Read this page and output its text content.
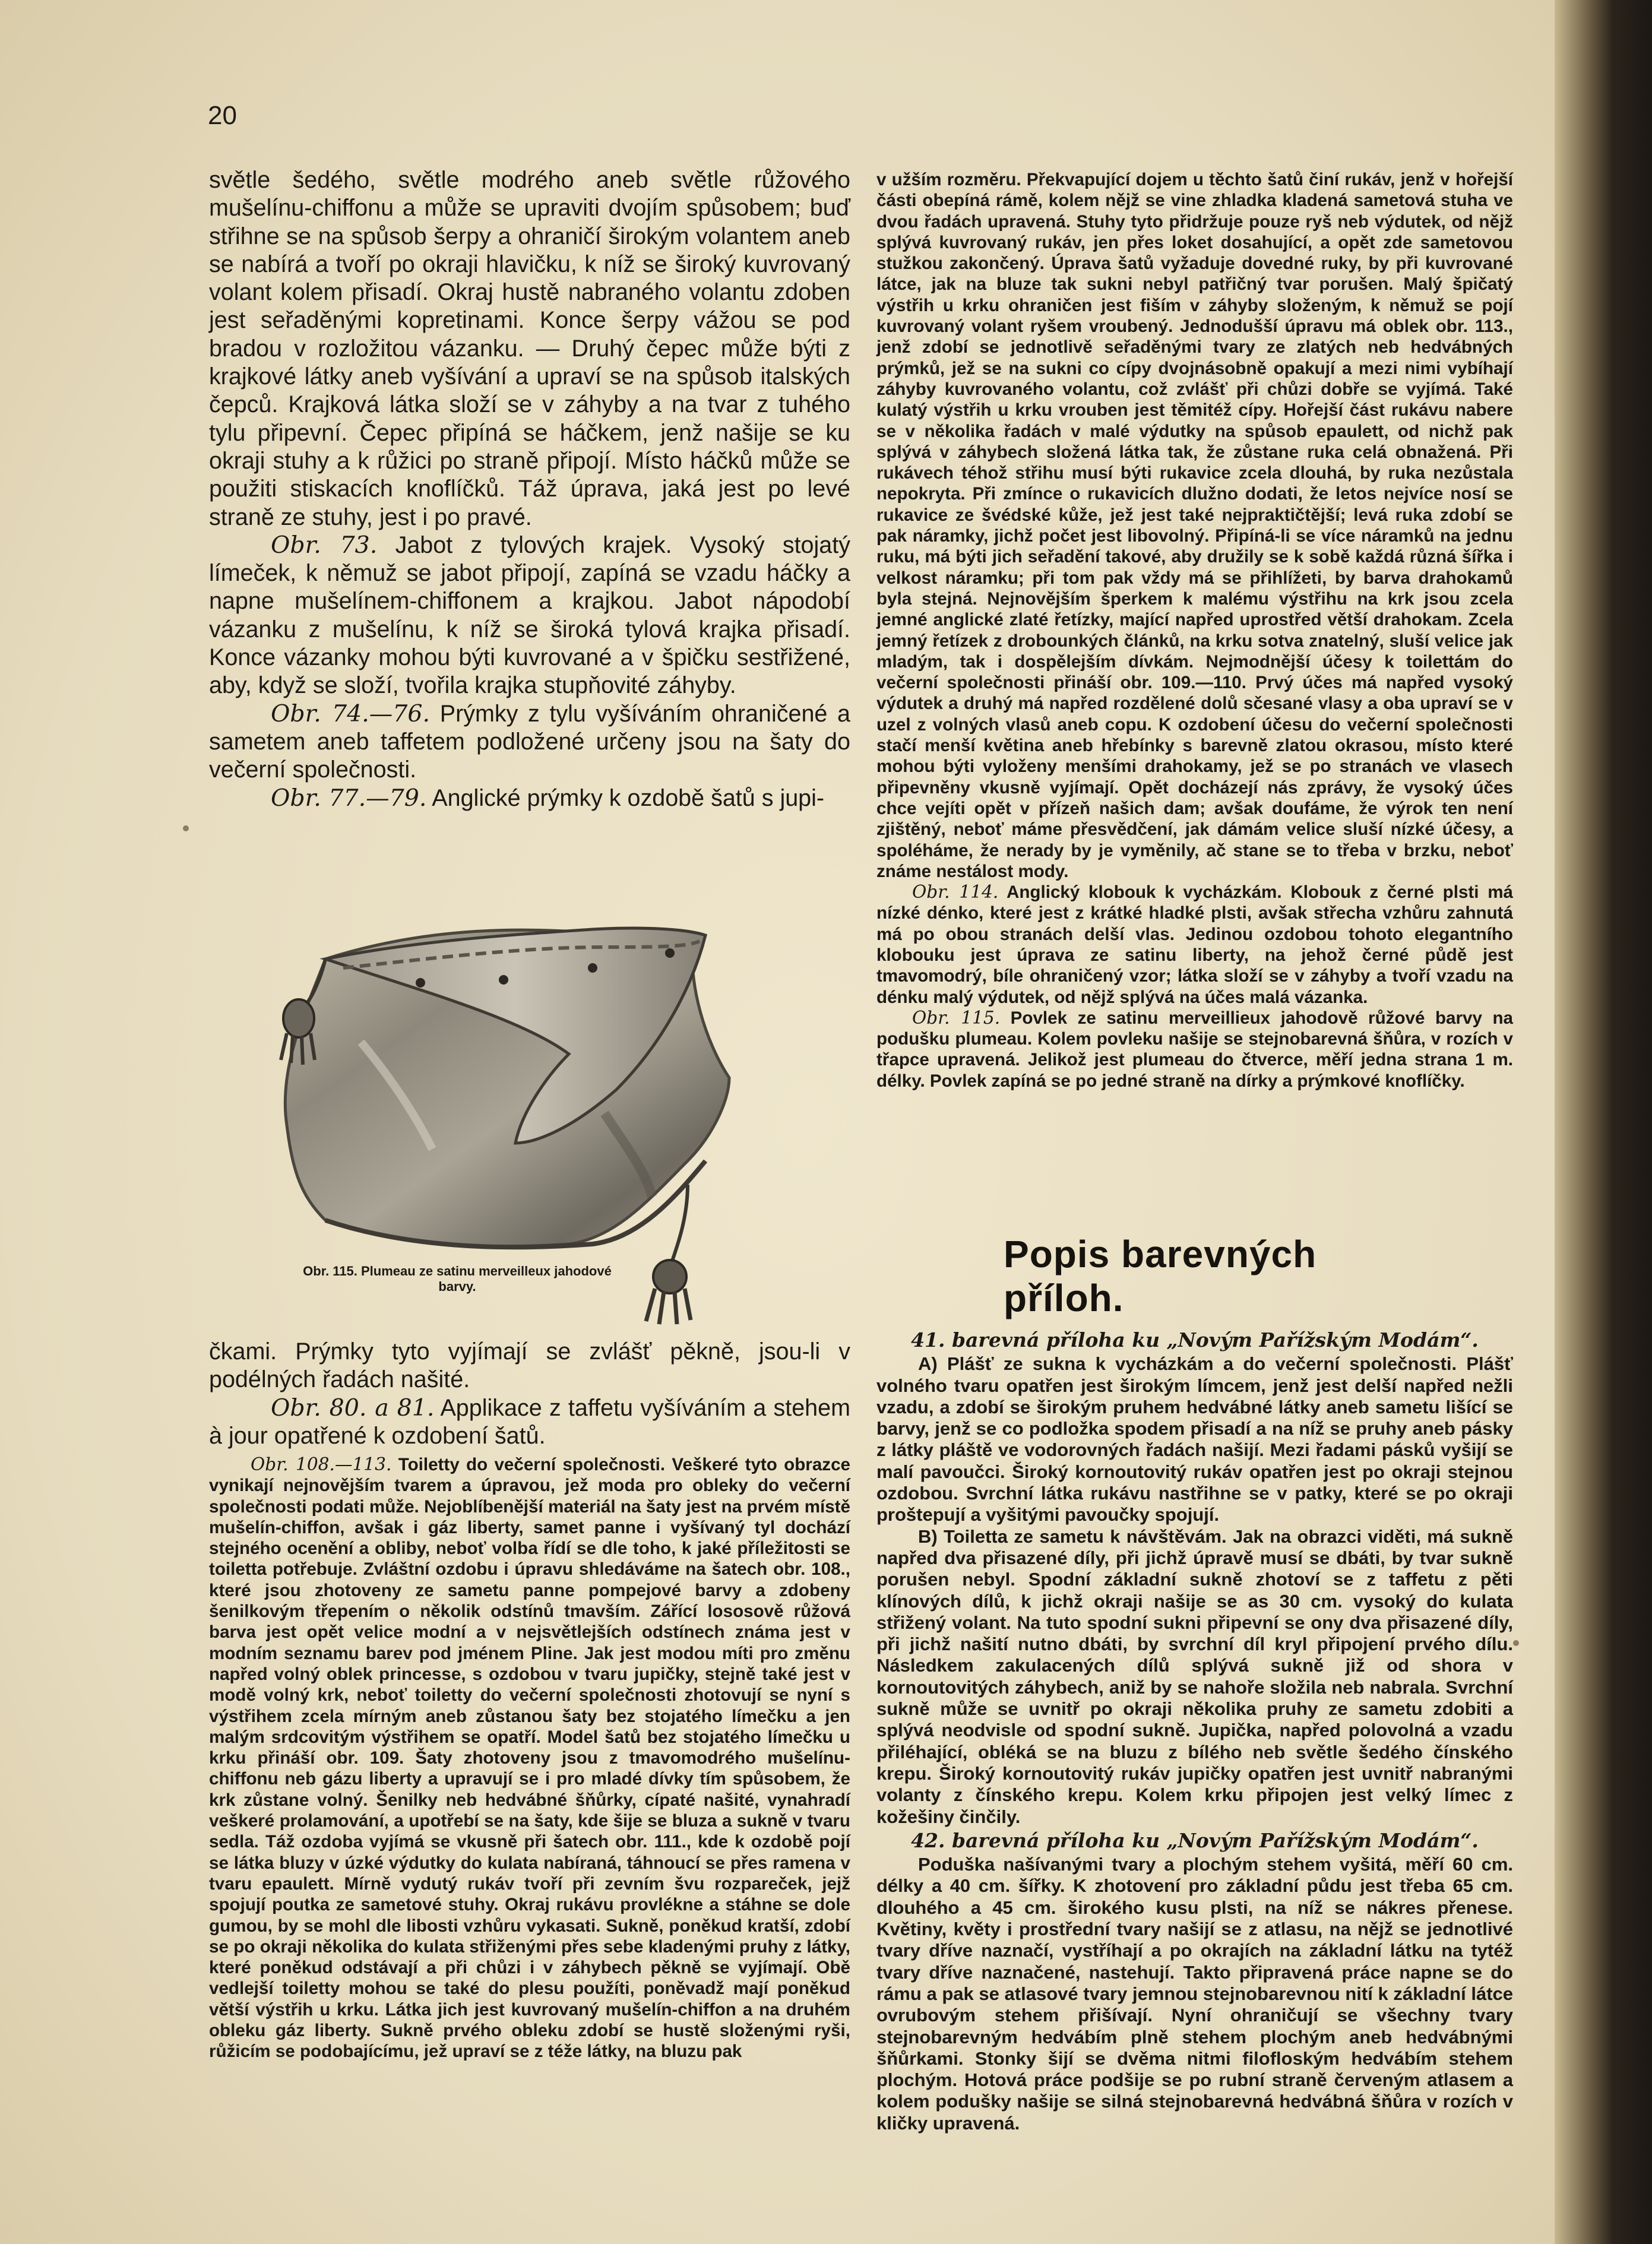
20

světle šedého, světle modrého aneb světle růžového mušelínu-chiffonu a může se upraviti dvojím spůsobem; buď střihne se na spůsob šerpy a ohraničí širokým volantem aneb se nabírá a tvoří po okraji hlavičku, k níž se široký kuvrovaný volant kolem přisadí. Okraj hustě nabraného volantu zdoben jest seřaděnými kopretinami. Konce šerpy vážou se pod bradou v rozložitou vázanku. — Druhý čepec může býti z krajkové látky aneb vyšívání a upraví se na spůsob italských čepců. Krajková látka složí se v záhyby a na tvar z tuhého tylu připevní. Čepec připíná se háčkem, jenž našije se ku okraji stuhy a k růžici po straně připojí. Místo háčků může se použiti stiskacích knoflíčků. Táž úprava, jaká jest po levé straně ze stuhy, jest i po pravé.

Obr. 73. Jabot z tylových krajek. Vysoký stojatý límeček, k němuž se jabot připojí, zapíná se vzadu háčky a napne mušelínem-chiffonem a krajkou. Jabot nápodobí vázanku z mušelínu, k níž se široká tylová krajka přisadí. Konce vázanky mohou býti kuvrované a v špičku sestřižené, aby, když se složí, tvořila krajka stupňovité záhyby.

Obr. 74.—76. Prýmky z tylu vyšíváním ohraničené a sametem aneb taffetem podložené určeny jsou na šaty do večerní společnosti.

Obr. 77.—79. Anglické prýmky k ozdobě šatů s jupi-

Obr. 115. Plumeau ze satinu merveilleux jahodové barvy.

čkami. Prýmky tyto vyjímají se zvlášť pěkně, jsou-li v podélných řadách našité.

Obr. 80. a 81. Applikace z taffetu vyšíváním a stehem à jour opatřené k ozdobení šatů.

Obr. 108.—113. Toiletty do večerní společnosti. Veškeré tyto obrazce vynikají nejnovějším tvarem a úpravou, jež moda pro obleky do večerní společnosti podati může. Nejoblíbenější materiál na šaty jest na prvém místě mušelín-chiffon, avšak i gáz liberty, samet panne i vyšívaný tyl dochází stejného ocenění a obliby, neboť volba řídí se dle toho, k jaké příležitosti se toiletta potřebuje. Zvláštní ozdobu i úpravu shledáváme na šatech obr. 108., které jsou zhotoveny ze sametu panne pompejové barvy a zdobeny šenilkovým třepením o několik odstínů tmavším. Zářící lososově růžová barva jest opět velice modní a v nejsvětlejších odstínech známa jest v modním seznamu barev pod jménem Pline. Jak jest modou míti pro změnu napřed volný oblek princesse, s ozdobou v tvaru jupičky, stejně také jest v modě volný krk, neboť toiletty do večerní společnosti zhotovují se nyní s výstřihem zcela mírným aneb zůstanou šaty bez stojatého límečku a jen malým srdcovitým výstřihem se opatří. Model šatů bez stojatého límečku u krku přináší obr. 109. Šaty zhotoveny jsou z tmavomodrého mušelínu-chiffonu neb gázu liberty a upravují se i pro mladé dívky tím spůsobem, že krk zůstane volný. Šenilky neb hedvábné šňůrky, cípaté našité, vynahradí veškeré prolamování, a upotřebí se na šaty, kde šije se bluza a sukně v tvaru sedla. Táž ozdoba vyjímá se vkusně při šatech obr. 111., kde k ozdobě pojí se látka bluzy v úzké výdutky do kulata nabíraná, táhnoucí se přes ramena v tvaru epaulett. Mírně vydutý rukáv tvoří při zevním švu rozpareček, jejž spojují poutka ze sametové stuhy. Okraj rukávu provlékne a stáhne se dole gumou, by se mohl dle libosti vzhůru vykasati. Sukně, poněkud kratší, zdobí se po okraji několika do kulata střiženými přes sebe kladenými pruhy z látky, které poněkud odstávají a při chůzi i v záhybech pěkně se vyjímají. Obě vedlejší toiletty mohou se také do plesu použíti, poněvadž mají poněkud větší výstřih u krku. Látka jich jest kuvrovaný mušelín-chiffon a na druhém obleku gáz liberty. Sukně prvého obleku zdobí se hustě složenými ryši, růžicím se podobajícímu, jež upraví se z téže látky, na bluzu pak

v užším rozměru. Překvapující dojem u těchto šatů činí rukáv, jenž v hořejší části obepíná rámě, kolem nějž se vine zhladka kladená sametová stuha ve dvou řadách upravená. Stuhy tyto přidržuje pouze ryš neb výdutek, od nějž splývá kuvrovaný rukáv, jen přes loket dosahující, a opět zde sametovou stužkou zakončený. Úprava šatů vyžaduje dovedné ruky, by při kuvrované látce, jak na bluze tak sukni nebyl patřičný tvar porušen. Malý špičatý výstřih u krku ohraničen jest fiším v záhyby složeným, k němuž se pojí kuvrovaný volant ryšem vroubený. Jednodušší úpravu má oblek obr. 113., jenž zdobí se jednotlivě seřaděnými tvary ze zlatých neb hedvábných prýmků, jež se na sukni co cípy dvojnásobně opakují a mezi nimi vybíhají záhyby kuvrovaného volantu, což zvlášť při chůzi dobře se vyjímá. Také kulatý výstřih u krku vrouben jest těmitéž cípy. Hořejší část rukávu nabere se v několika řadách v malé výdutky na spůsob epaulett, od nichž pak splývá v záhybech složená látka tak, že zůstane ruka celá obnažená. Při rukávech téhož střihu musí býti rukavice zcela dlouhá, by ruka nezůstala nepokryta. Při zmínce o rukavicích dlužno dodati, že letos nejvíce nosí se rukavice ze švédské kůže, jež jest také nejpraktičtější; levá ruka zdobí se pak náramky, jichž počet jest libovolný. Připíná-li se více náramků na jednu ruku, má býti jich seřadění takové, aby družily se k sobě každá různá šířka i velkost náramku; při tom pak vždy má se přihlížeti, by barva drahokamů byla stejná. Nejnovějším šperkem k malému výstřihu na krk jsou zcela jemné anglické zlaté řetízky, mající napřed uprostřed větší drahokam. Zcela jemný řetízek z drobounkých článků, na krku sotva znatelný, sluší velice jak mladým, tak i dospělejším dívkám. Nejmodnější účesy k toilettám do večerní společnosti přináší obr. 109.—110. Prvý účes má napřed vysoký výdutek a druhý má napřed rozdělené dolů sčesané vlasy a oba upraví se v uzel z volných vlasů aneb copu. K ozdobení účesu do večerní společnosti stačí menší květina aneb hřebínky s barevně zlatou okrasou, místo které mohou býti vyloženy menšími drahokamy, jež se po stranách ve vlasech připevněny vkusně vyjímají. Opět docházejí nás zprávy, že vysoký účes chce vejíti opět v přízeň našich dam; avšak doufáme, že výrok ten není zjištěný, neboť máme přesvědčení, jak dámám velice sluší nízké účesy, a spoléháme, že nerady by je vyměnily, ač stane se to třeba v brzku, neboť známe nestálost mody.

Obr. 114. Anglický klobouk k vycházkám. Klobouk z černé plsti má nízké dénko, které jest z krátké hladké plsti, avšak střecha vzhůru zahnutá má po obou stranách delší vlas. Jedinou ozdobou tohoto elegantního klobouku jest úprava ze satinu liberty, na jehož černé půdě jest tmavomodrý, bíle ohraničený vzor; látka složí se v záhyby a tvoří vzadu na dénku malý výdutek, od nějž splývá na účes malá vázanka.

Obr. 115. Povlek ze satinu merveillieux jahodově růžové barvy na podušku plumeau. Kolem povleku našije se stejnobarevná šňůra, v rozích v třapce upravená. Jelikož jest plumeau do čtverce, měří jedna strana 1 m. délky. Povlek zapíná se po jedné straně na dírky a prýmkové knoflíčky.

Popis barevných příloh.
41. barevná příloha ku „Novým Pařížským Modám“.

A) Plášť ze sukna k vycházkám a do večerní společnosti. Plášť volného tvaru opatřen jest širokým límcem, jenž jest delší napřed nežli vzadu, a zdobí se širokým pruhem hedvábné látky aneb sametu lišící se barvy, jenž se co podložka spodem přisadí a na níž se pruhy aneb pásky z látky pláště ve vodorovných řadách našijí. Mezi řadami pásků vyšijí se malí pavoučci. Široký kornoutovitý rukáv opatřen jest po okraji stejnou ozdobou. Svrchní látka rukávu nastřihne se v patky, které se po okraji proštepují a vyšitými pavoučky spojují.

B) Toiletta ze sametu k návštěvám. Jak na obrazci viděti, má sukně napřed dva přisazené díly, při jichž úpravě musí se dbáti, by tvar sukně porušen nebyl. Spodní základní sukně zhotoví se z taffetu z pěti klínových dílů, k jichž okraji našije se as 30 cm. vysoký do kulata střižený volant. Na tuto spodní sukni připevní se ony dva přisazené díly, při jichž našití nutno dbáti, by svrchní díl kryl připojení prvého dílu. Následkem zakulacených dílů splývá sukně již od shora v kornoutovitých záhybech, aniž by se nahoře složila neb nabrala. Svrchní sukně může se uvnitř po okraji několika pruhy ze sametu zdobiti a splývá neodvisle od spodní sukně. Jupička, napřed polovolná a vzadu přiléhající, obléká se na bluzu z bílého neb světle šedého čínského krepu. Široký kornoutovitý rukáv jupičky opatřen jest uvnitř nabranými volanty z čínského krepu. Kolem krku připojen jest velký límec z kožešiny činčily.

42. barevná příloha ku „Novým Pařížským Modám“.

Poduška našívanými tvary a plochým stehem vyšitá, měří 60 cm. délky a 40 cm. šířky. K zhotovení pro základní půdu jest třeba 65 cm. dlouhého a 45 cm. širokého kusu plsti, na níž se nákres přenese. Květiny, květy i prostřední tvary našijí se z atlasu, na nějž se jednotlivé tvary dříve naznačí, vystříhají a po okrajích na základní látku na tytéž tvary dříve naznačené, nastehují. Takto připravená práce napne se do rámu a pak se atlasové tvary jemnou stejnobarevnou nití k základní látce ovrubovým stehem přišívají. Nyní ohraničují se všechny tvary stejnobarevným hedvábím plně stehem plochým aneb hedvábnými šňůrkami. Stonky šijí se dvěma nitmi filofloským hedvábím stehem plochým. Hotová práce podšije se po rubní straně červeným atlasem a kolem podušky našije se silná stejnobarevná hedvábná šňůra v rozích v kličky upravená.
